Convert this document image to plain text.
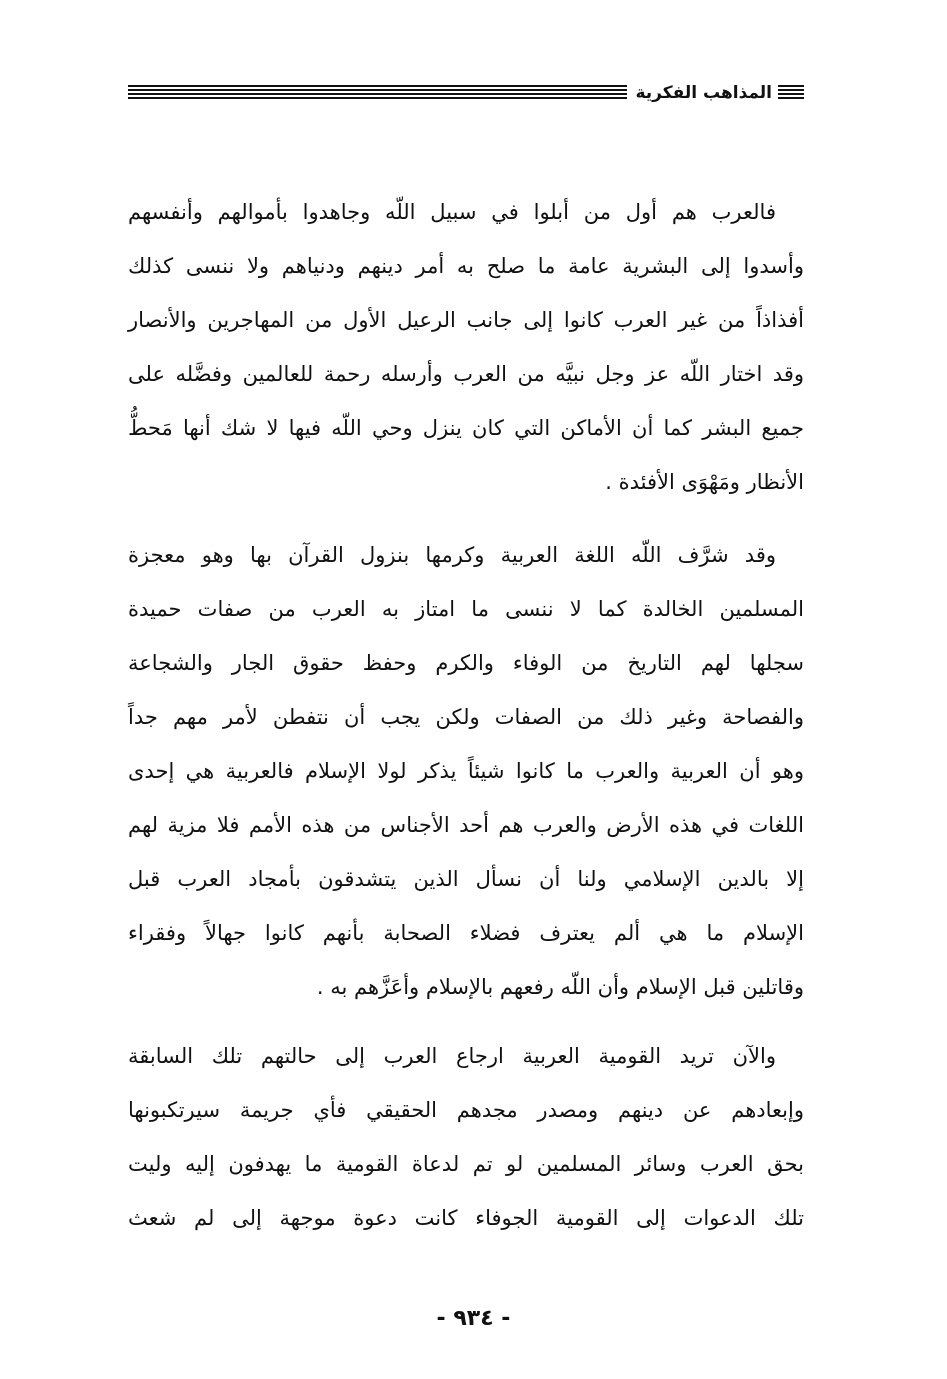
المذاهب الفكرية
فالعرب هم أول من أبلوا في سبيل اللّه وجاهدوا بأموالهم وأنفسهم
وأسدوا إلى البشرية عامة ما صلح به أمر دينهم ودنياهم ولا ننسى كذلك
أفذاذاً من غير العرب كانوا إلى جانب الرعيل الأول من المهاجرين والأنصار
وقد اختار اللّه عز وجل نبيَّه من العرب وأرسله رحمة للعالمين وفضَّله على
جميع البشر كما أن الأماكن التي كان ينزل وحي اللّه فيها لا شك أنها مَحطُّ
الأنظار ومَهْوَى الأفئدة .
وقد شرَّف اللّه اللغة العربية وكرمها بنزول القرآن بها وهو معجزة
المسلمين الخالدة كما لا ننسى ما امتاز به العرب من صفات حميدة
سجلها لهم التاريخ من الوفاء والكرم وحفظ حقوق الجار والشجاعة
والفصاحة وغير ذلك من الصفات ولكن يجب أن نتفطن لأمر مهم جداً
وهو أن العربية والعرب ما كانوا شيئاً يذكر لولا الإسلام فالعربية هي إحدى
اللغات في هذه الأرض والعرب هم أحد الأجناس من هذه الأمم فلا مزية لهم
إلا بالدين الإسلامي ولنا أن نسأل الذين يتشدقون بأمجاد العرب قبل
الإسلام ما هي ألم يعترف فضلاء الصحابة بأنهم كانوا جهالاً وفقراء
وقاتلين قبل الإسلام وأن اللّه رفعهم بالإسلام وأعَزَّهم به .
والآن تريد القومية العربية ارجاع العرب إلى حالتهم تلك السابقة
وإبعادهم عن دينهم ومصدر مجدهم الحقيقي فأي جريمة سيرتكبونها
بحق العرب وسائر المسلمين لو تم لدعاة القومية ما يهدفون إليه وليت
تلك الدعوات إلى القومية الجوفاء كانت دعوة موجهة إلى لم شعث
- ٩٣٤ -
